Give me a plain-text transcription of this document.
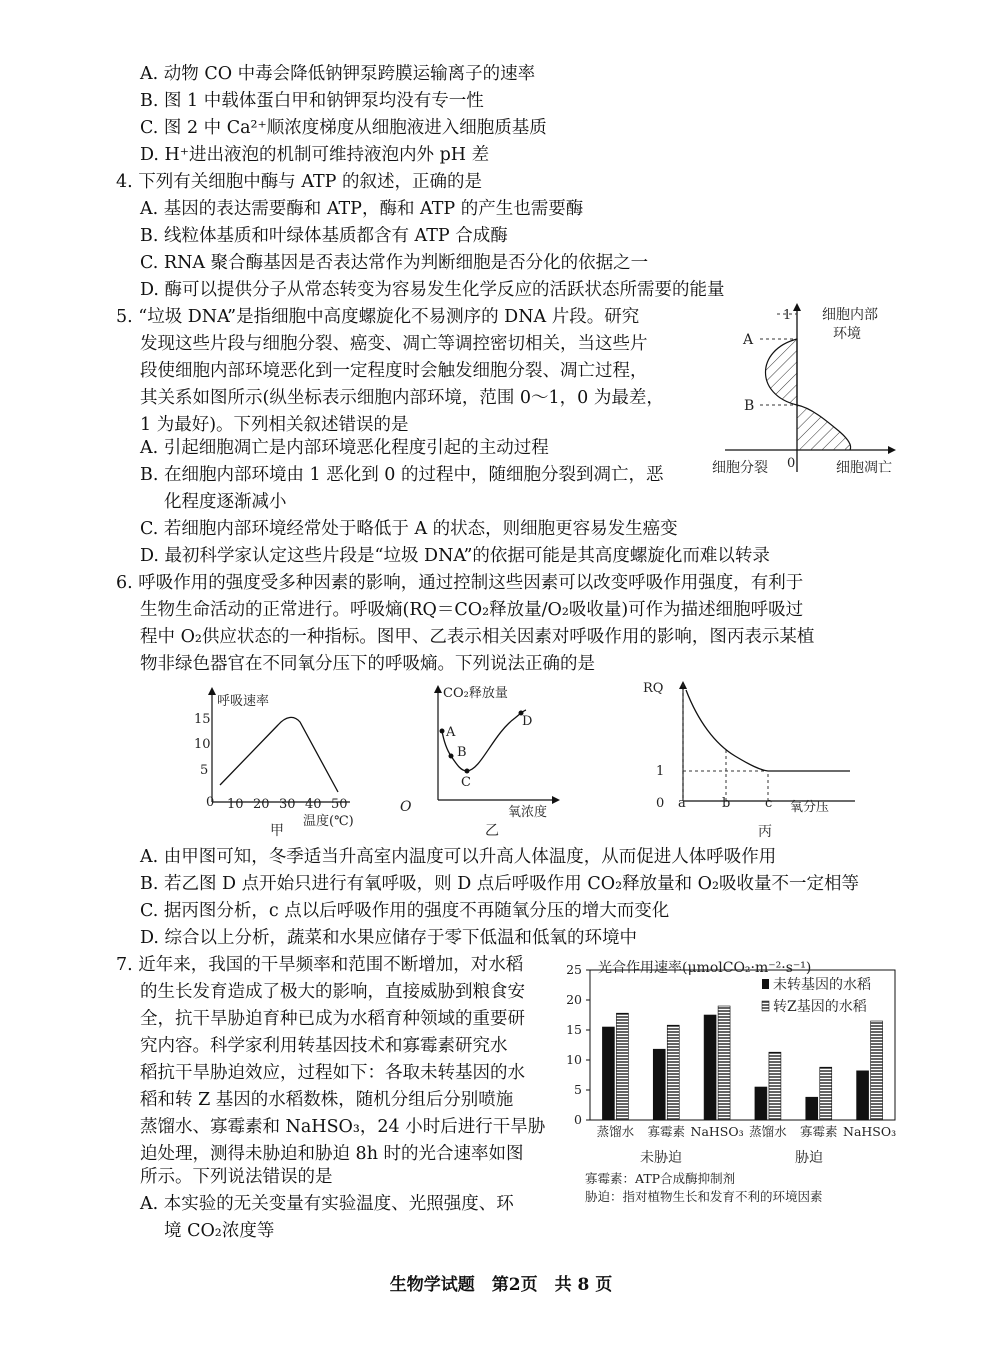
A. 动物 CO 中毒会降低钠钾泵跨膜运输离子的速率
B. 图 1 中载体蛋白甲和钠钾泵均没有专一性
C. 图 2 中 Ca²⁺顺浓度梯度从细胞液进入细胞质基质
D. H⁺进出液泡的机制可维持液泡内外 pH 差
4. 下列有关细胞中酶与 ATP 的叙述，正确的是
A. 基因的表达需要酶和 ATP，酶和 ATP 的产生也需要酶
B. 线粒体基质和叶绿体基质都含有 ATP 合成酶
C. RNA 聚合酶基因是否表达常作为判断细胞是否分化的依据之一
D. 酶可以提供分子从常态转变为容易发生化学反应的活跃状态所需要的能量
5. “垃圾 DNA”是指细胞中高度螺旋化不易测序的 DNA 片段。研究
发现这些片段与细胞分裂、癌变、凋亡等调控密切相关，当这些片
段使细胞内部环境恶化到一定程度时会触发细胞分裂、凋亡过程，
其关系如图所示(纵坐标表示细胞内部环境，范围 0～1，0 为最差，
1 为最好)。下列相关叙述错误的是
A. 引起细胞凋亡是内部环境恶化程度引起的主动过程
B. 在细胞内部环境由 1 恶化到 0 的过程中，随细胞分裂到凋亡，恶
化程度逐渐减小
C. 若细胞内部环境经常处于略低于 A 的状态，则细胞更容易发生癌变
D. 最初科学家认定这些片段是“垃圾 DNA”的依据可能是其高度螺旋化而难以转录
1 细胞内部
环境
A
B
0
细胞分裂	细胞凋亡
6. 呼吸作用的强度受多种因素的影响，通过控制这些因素可以改变呼吸作用强度，有利于
生物生命活动的正常进行。呼吸熵(RQ＝CO₂释放量/O₂吸收量)可作为描述细胞呼吸过
程中 O₂供应状态的一种指标。图甲、乙表示相关因素对呼吸作用的影响，图丙表示某植
物非绿色器官在不同氧分压下的呼吸熵。下列说法正确的是
呼吸速率
15
10
5
0 10 20 30 40 50
温度(℃)
甲
CO₂释放量
O
A
B
C
D
氧浓度
乙
RQ
1
0 a	b	c 氧分压
丙
A. 由甲图可知，冬季适当升高室内温度可以升高人体温度，从而促进人体呼吸作用
B. 若乙图 D 点开始只进行有氧呼吸，则 D 点后呼吸作用 CO₂释放量和 O₂吸收量不一定相等
C. 据丙图分析，c 点以后呼吸作用的强度不再随氧分压的增大而变化
D. 综合以上分析，蔬菜和水果应储存于零下低温和低氧的环境中
7. 近年来，我国的干旱频率和范围不断增加，对水稻
的生长发育造成了极大的影响，直接威胁到粮食安
全，抗干旱胁迫育种已成为水稻育种领域的重要研
究内容。科学家利用转基因技术和寡霉素研究水
稻抗干旱胁迫效应，过程如下：各取未转基因的水
稻和转 Z 基因的水稻数株，随机分组后分别喷施
蒸馏水、寡霉素和 NaHSO₃，24 小时后进行干旱胁
迫处理，测得未胁迫和胁迫 8h 时的光合速率如图
所示。下列说法错误的是
A. 本实验的无关变量有实验温度、光照强度、环
境 CO₂浓度等
25
20
15
10
5
0
蒸馏水 寡霉素 NaHSO₃ 蒸馏水 寡霉素 NaHSO₃
光合作用速率(μmolCO₂·m⁻²·s⁻¹)
未转基因的水稻
转Z基因的水稻
未胁迫	胁迫
寡霉素：ATP合成酶抑制剂
胁迫：指对植物生长和发育不利的环境因素
生物学试题　第2页　共 8 页
